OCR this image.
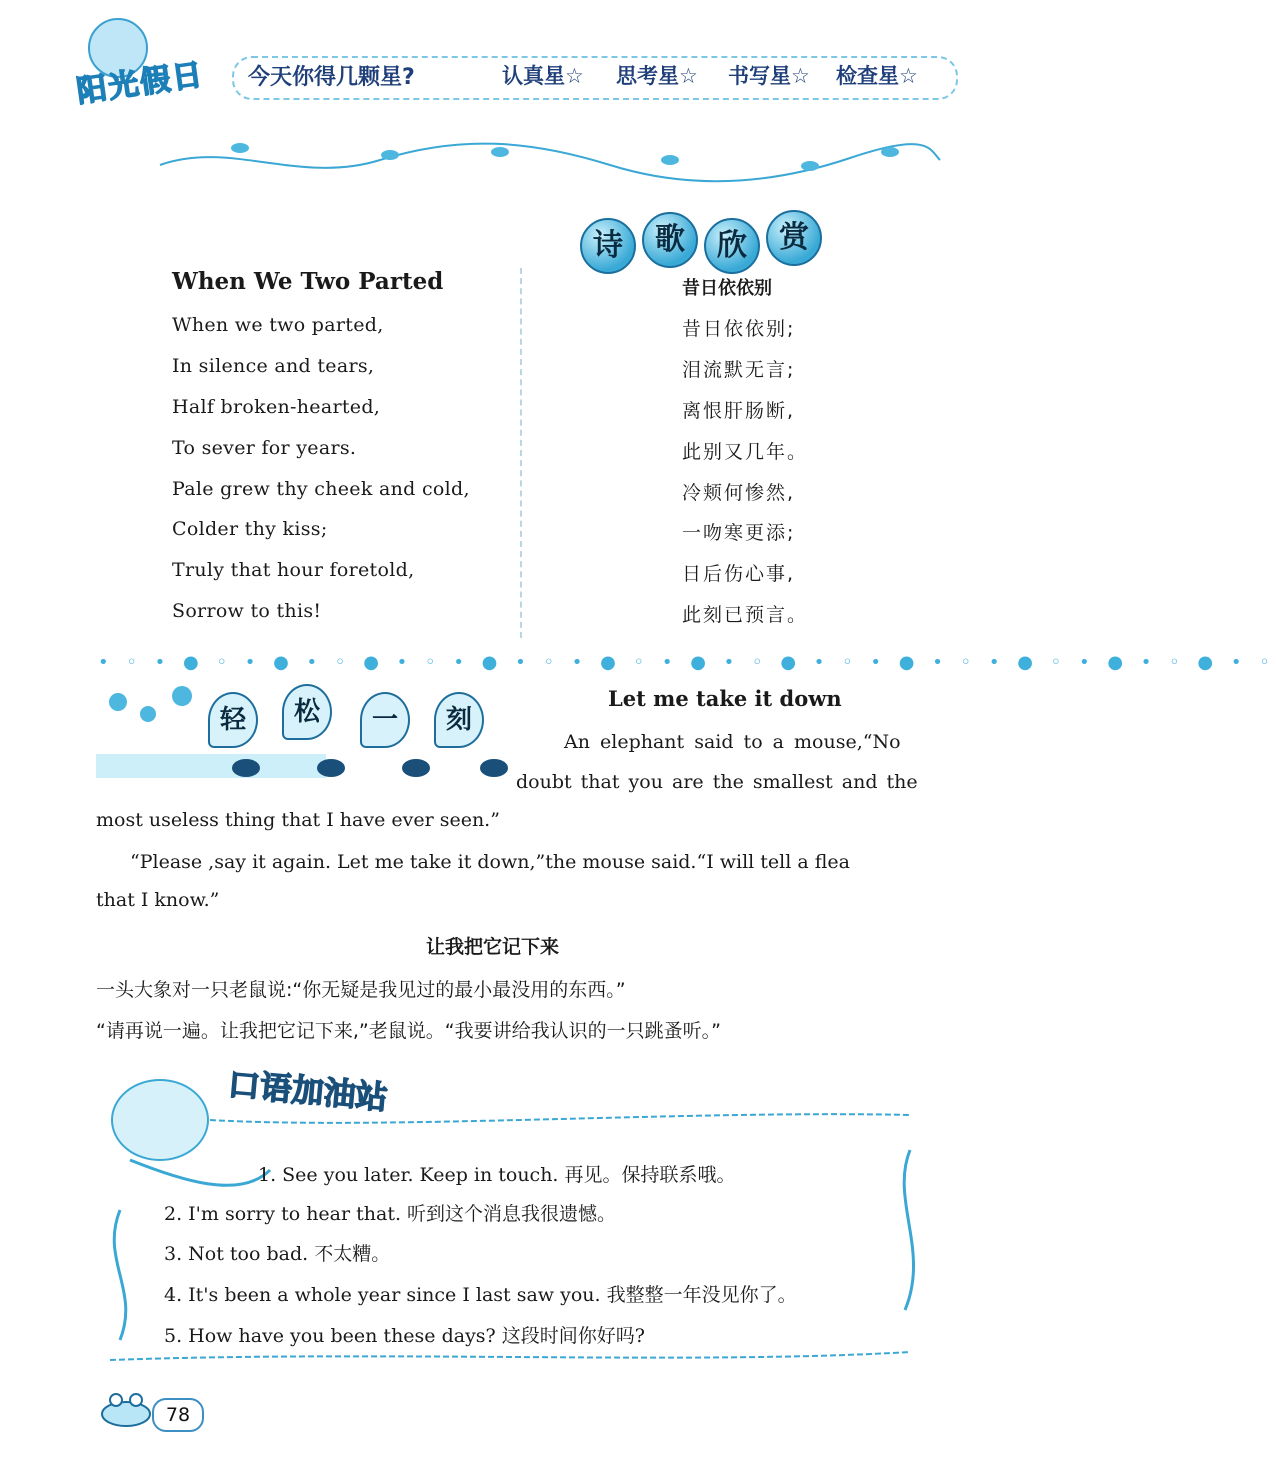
阳光假日 今天你得几颗星?	认真星☆ 思考星☆ 书写星☆ 检查星☆
诗	歌	欣	赏
When We Two Parted
When we two parted,
In silence and tears,
Half broken-hearted,
To sever for years.
Pale grew thy cheek and cold,
Colder thy kiss;
Truly that hour foretold,
Sorrow to this!
昔日依依别
昔日依依别;
泪流默无言;
离恨肝肠断,
此别又几年。
冷颊何惨然,
一吻寒更添;
日后伤心事,
此刻已预言。
• ◦ • ● ◦ • ● • ◦ ● • ◦ • ● • ◦ • ● ◦ • ● • ◦ ● • ◦ • ● • ◦ • ● ◦ • ● • ◦ ● • ◦
轻	松	一	刻
Let me take it down
An elephant said to a mouse,“No
doubt that you are the smallest and the
most useless thing that I have ever seen.”
“Please ,say it again. Let me take it down,”the mouse said.“I will tell a flea
that I know.”
让我把它记下来
一头大象对一只老鼠说:“你无疑是我见过的最小最没用的东西。”
“请再说一遍。让我把它记下来,”老鼠说。“我要讲给我认识的一只跳蚤听。”
口语加油站
1. See you later. Keep in touch. 再见。保持联系哦。
2. I'm sorry to hear that. 听到这个消息我很遗憾。
3. Not too bad. 不太糟。
4. It's been a whole year since I last saw you. 我整整一年没见你了。
5. How have you been these days? 这段时间你好吗?
78
